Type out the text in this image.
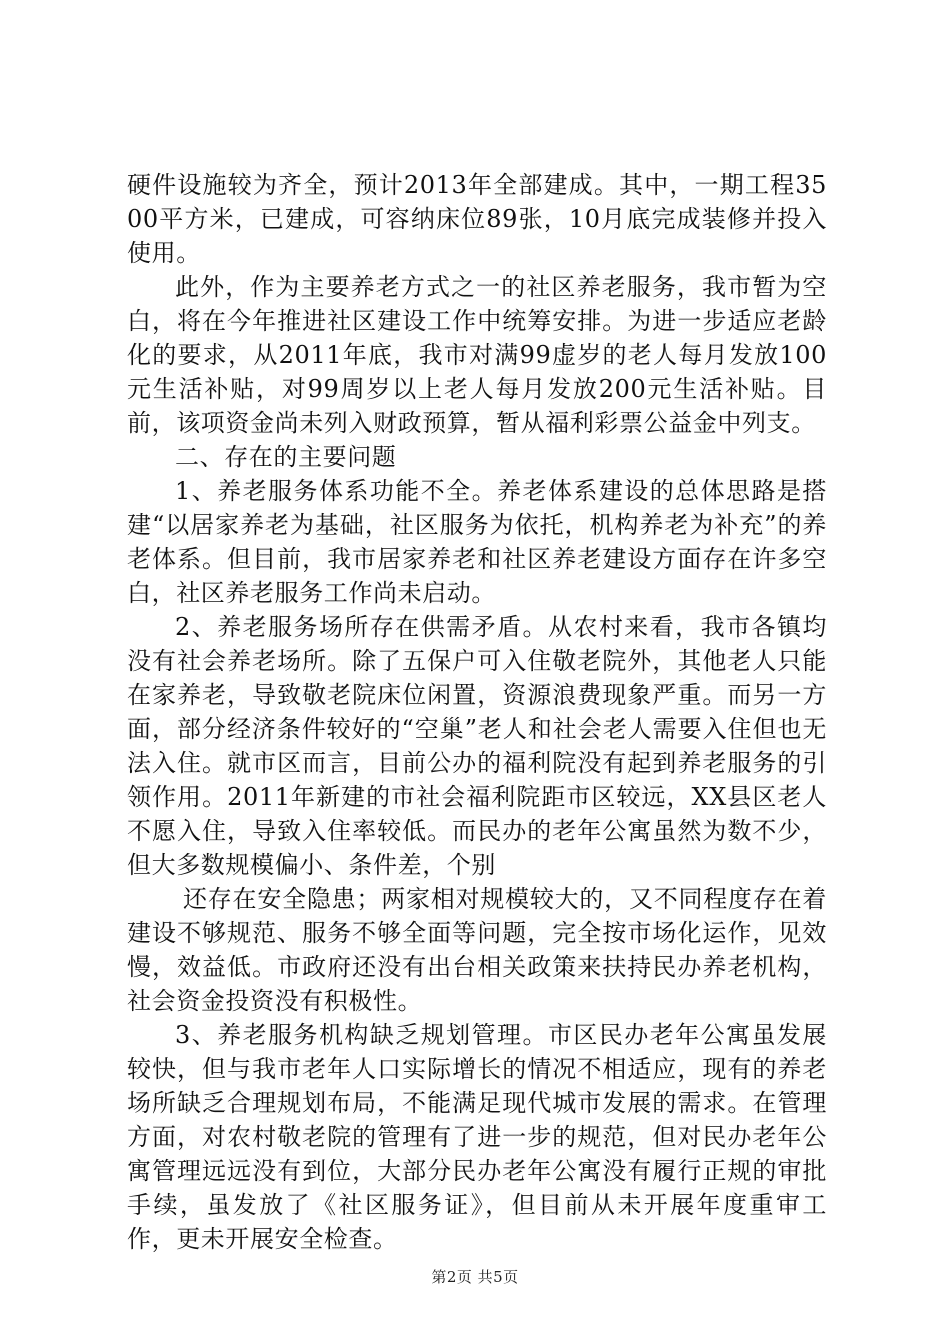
硬件设施较为齐全，预计2013年全部建成。其中，一期工程3500平方米，已建成，可容纳床位89张，10月底完成装修并投入使用。

此外，作为主要养老方式之一的社区养老服务，我市暂为空白，将在今年推进社区建设工作中统筹安排。为进一步适应老龄化的要求，从2011年底，我市对满99虚岁的老人每月发放100元生活补贴，对99周岁以上老人每月发放200元生活补贴。目前，该项资金尚未列入财政预算，暂从福利彩票公益金中列支。

二、存在的主要问题

1、养老服务体系功能不全。养老体系建设的总体思路是搭建“以居家养老为基础，社区服务为依托，机构养老为补充”的养老体系。但目前，我市居家养老和社区养老建设方面存在许多空白，社区养老服务工作尚未启动。

2、养老服务场所存在供需矛盾。从农村来看，我市各镇均没有社会养老场所。除了五保户可入住敬老院外，其他老人只能在家养老，导致敬老院床位闲置，资源浪费现象严重。而另一方面，部分经济条件较好的“空巢”老人和社会老人需要入住但也无法入住。就市区而言，目前公办的福利院没有起到养老服务的引领作用。2011年新建的市社会福利院距市区较远，XX县区老人不愿入住，导致入住率较低。而民办的老年公寓虽然为数不少，但大多数规模偏小、条件差，个别

还存在安全隐患；两家相对规模较大的，又不同程度存在着建设不够规范、服务不够全面等问题，完全按市场化运作，见效慢，效益低。市政府还没有出台相关政策来扶持民办养老机构，社会资金投资没有积极性。

3、养老服务机构缺乏规划管理。市区民办老年公寓虽发展较快，但与我市老年人口实际增长的情况不相适应，现有的养老场所缺乏合理规划布局，不能满足现代城市发展的需求。在管理方面，对农村敬老院的管理有了进一步的规范，但对民办老年公寓管理远远没有到位，大部分民办老年公寓没有履行正规的审批手续，虽发放了《社区服务证》，但目前从未开展年度重审工作，更未开展安全检查。

第2页 共5页
